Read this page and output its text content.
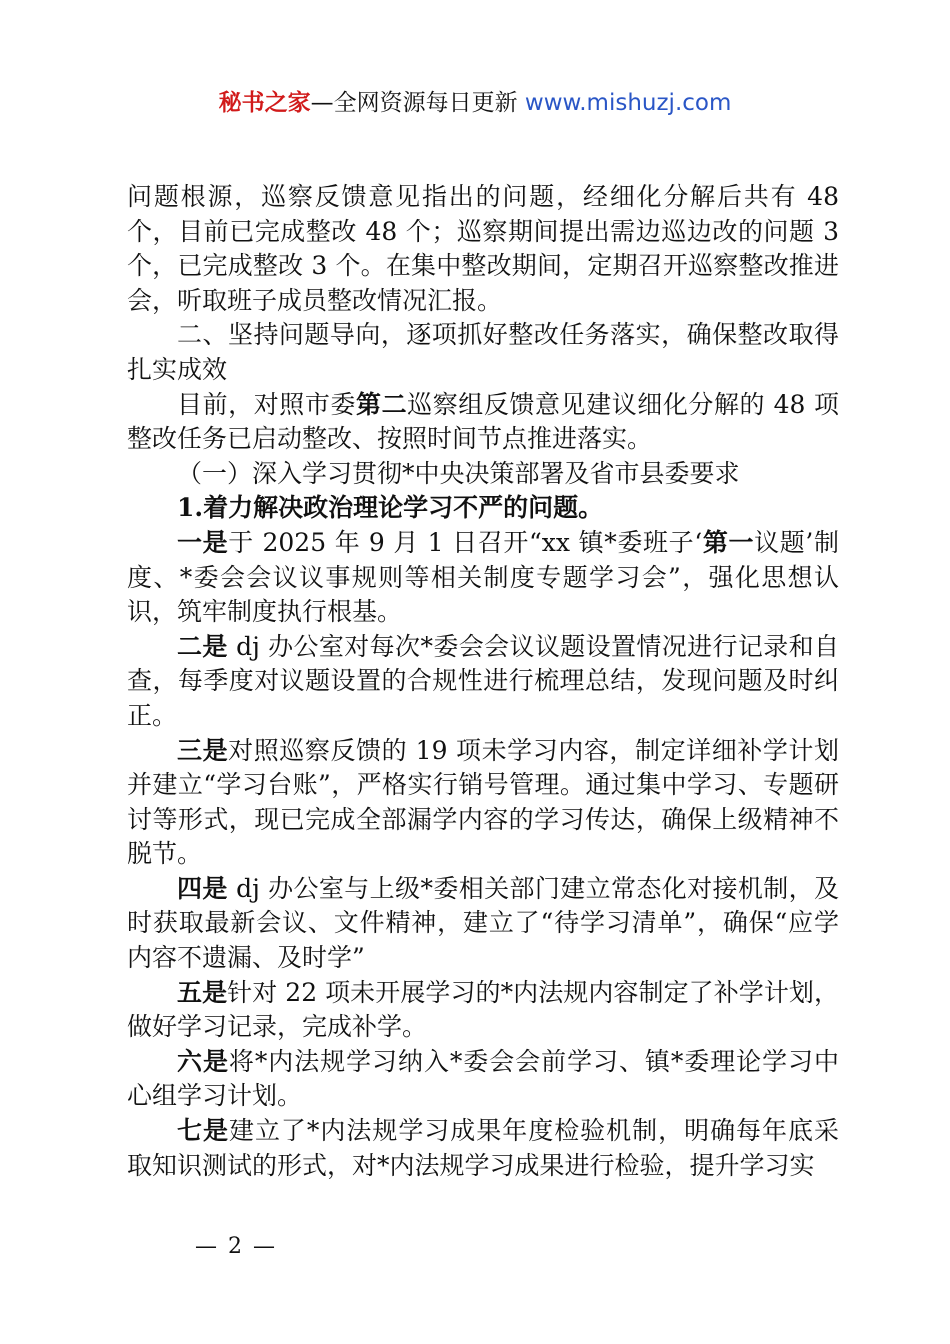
秘书之家—全网资源每日更新 www.mishuzj.com

问题根源，巡察反馈意见指出的问题，经细化分解后共有 48 个，目前已完成整改 48 个；巡察期间提出需边巡边改的问题 3 个，已完成整改 3 个。在集中整改期间，定期召开巡察整改推进会，听取班子成员整改情况汇报。

二、坚持问题导向，逐项抓好整改任务落实，确保整改取得扎实成效

目前，对照市委第二巡察组反馈意见建议细化分解的 48 项整改任务已启动整改、按照时间节点推进落实。

（一）深入学习贯彻*中央决策部署及省市县委要求

1.着力解决政治理论学习不严的问题。

一是于 2025 年 9 月 1 日召开“xx 镇*委班子‘第一议题’制度、*委会会议议事规则等相关制度专题学习会”，强化思想认识，筑牢制度执行根基。

二是 dj 办公室对每次*委会会议议题设置情况进行记录和自查，每季度对议题设置的合规性进行梳理总结，发现问题及时纠正。

三是对照巡察反馈的 19 项未学习内容，制定详细补学计划并建立“学习台账”，严格实行销号管理。通过集中学习、专题研讨等形式，现已完成全部漏学内容的学习传达，确保上级精神不脱节。

四是 dj 办公室与上级*委相关部门建立常态化对接机制，及时获取最新会议、文件精神，建立了“待学习清单”，确保“应学内容不遗漏、及时学”

五是针对 22 项未开展学习的*内法规内容制定了补学计划，做好学习记录，完成补学。

六是将*内法规学习纳入*委会会前学习、镇*委理论学习中心组学习计划。

七是建立了*内法规学习成果年度检验机制，明确每年底采取知识测试的形式，对*内法规学习成果进行检验，提升学习实

— 2 —
